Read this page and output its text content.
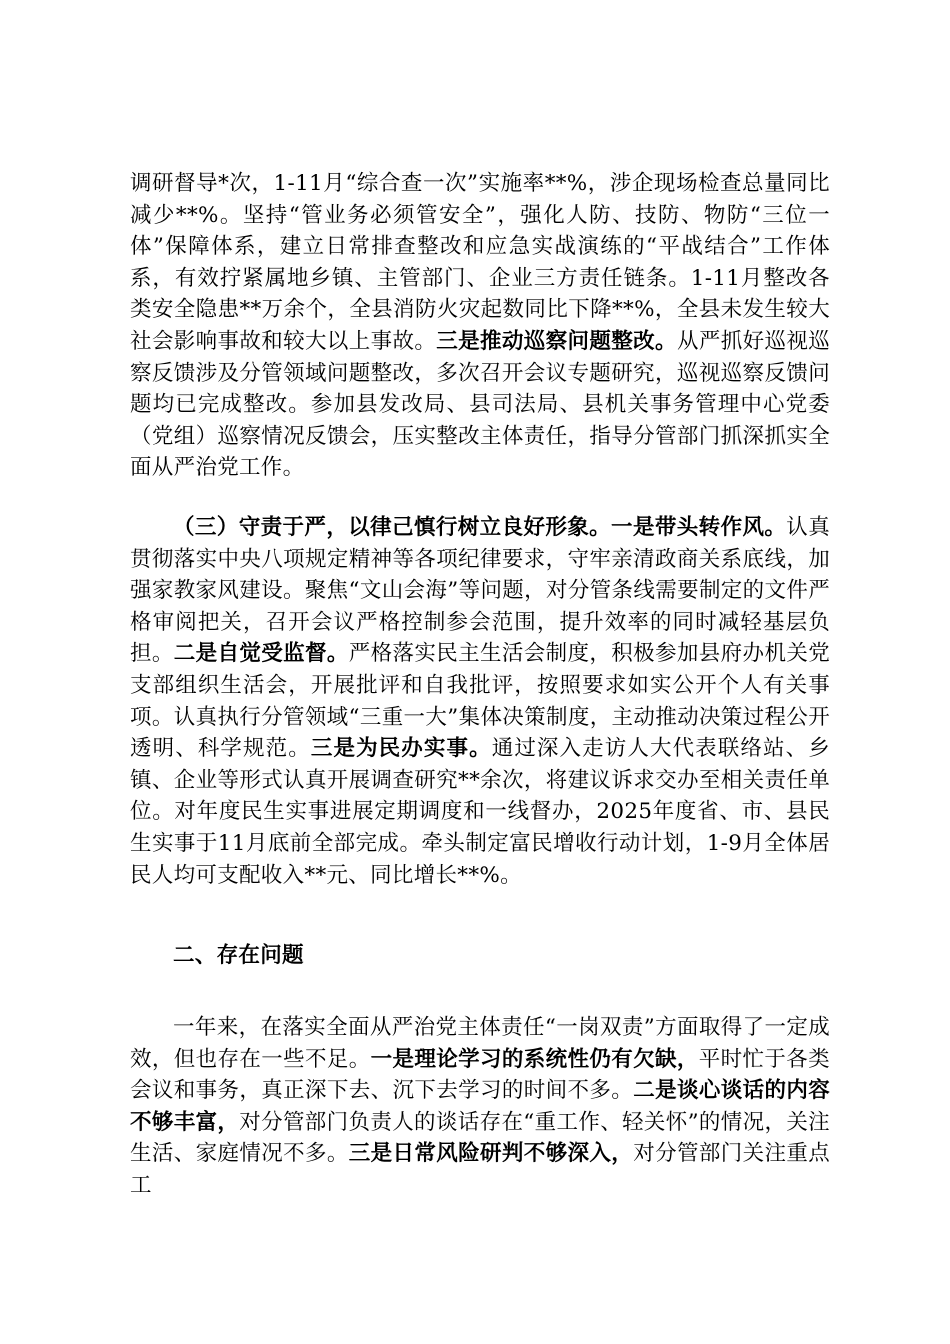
调研督导*次，1-11月“综合查一次”实施率**%，涉企现场检查总量同比减少**%。坚持“管业务必须管安全”，强化人防、技防、物防“三位一体”保障体系，建立日常排查整改和应急实战演练的“平战结合”工作体系，有效拧紧属地乡镇、主管部门、企业三方责任链条。1-11月整改各类安全隐患**万余个，全县消防火灾起数同比下降**%，全县未发生较大社会影响事故和较大以上事故。三是推动巡察问题整改。从严抓好巡视巡察反馈涉及分管领域问题整改，多次召开会议专题研究，巡视巡察反馈问题均已完成整改。参加县发改局、县司法局、县机关事务管理中心党委（党组）巡察情况反馈会，压实整改主体责任，指导分管部门抓深抓实全面从严治党工作。

（三）守责于严，以律己慎行树立良好形象。一是带头转作风。认真贯彻落实中央八项规定精神等各项纪律要求，守牢亲清政商关系底线，加强家教家风建设。聚焦“文山会海”等问题，对分管条线需要制定的文件严格审阅把关，召开会议严格控制参会范围，提升效率的同时减轻基层负担。二是自觉受监督。严格落实民主生活会制度，积极参加县府办机关党支部组织生活会，开展批评和自我批评，按照要求如实公开个人有关事项。认真执行分管领域“三重一大”集体决策制度，主动推动决策过程公开透明、科学规范。三是为民办实事。通过深入走访人大代表联络站、乡镇、企业等形式认真开展调查研究**余次，将建议诉求交办至相关责任单位。对年度民生实事进展定期调度和一线督办，2025年度省、市、县民生实事于11月底前全部完成。牵头制定富民增收行动计划，1-9月全体居民人均可支配收入**元、同比增长**%。

二、存在问题

一年来，在落实全面从严治党主体责任“一岗双责”方面取得了一定成效，但也存在一些不足。一是理论学习的系统性仍有欠缺，平时忙于各类会议和事务，真正深下去、沉下去学习的时间不多。二是谈心谈话的内容不够丰富，对分管部门负责人的谈话存在“重工作、轻关怀”的情况，关注生活、家庭情况不多。三是日常风险研判不够深入，对分管部门关注重点工
